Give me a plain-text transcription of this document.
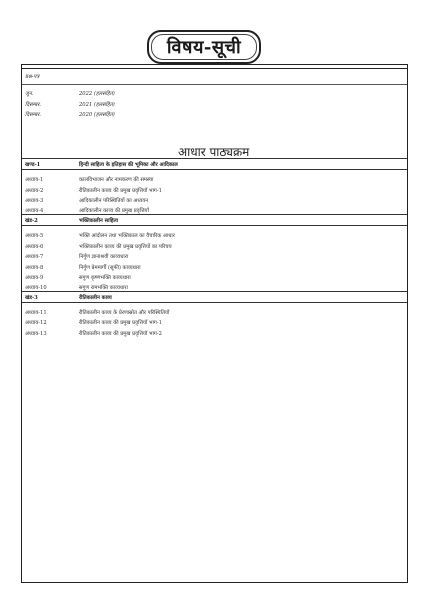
विषय-सूची
प्रश्न-पत्र
जून.	2022 (हलसहित)
दिसम्बर.	2021 (हलसहित)
दिसम्बर.	2020 (हलसहित)
आधार पाठ्यक्रम
खण्ड-1	हिन्दी साहित्य के इतिहास की भूमिका और आदिकाल
अध्याय-1	कालविभाजन और नामकरण की समस्या
अध्याय-2	रीतिकालीन काव्य की प्रमुख प्रवृत्तियाँ भाग-1
अध्याय-3	आदिकालीन परिस्थितियों का अध्ययन
अध्याय-4	आदिकालीन काव्य की प्रमुख प्रवृत्तियाँ
खंड-2	भक्तिकालीन साहित्य
अध्याय-5	भक्ति आंदोलन तथा भक्तिकाल का वैचारिक आधार
अध्याय-6	भक्तिकालीन काव्य की प्रमुख प्रवृत्तियों का परिचय
अध्याय-7	निर्गुण ज्ञानाश्रयी काव्यधारा
अध्याय-8	निर्गुण प्रेममार्गी (सूफी) काव्यधारा
अध्याय-9	सगुण कृष्णभक्ति काव्यधारा
अध्याय-10	सगुण रामभक्ति काव्यधारा
खंड-3	रीतिकालीन काव्य
अध्याय-11	रीतिकालीन काव्य के प्रेरणास्रोत और परिस्थितियाँ
अध्याय-12	रीतिकालीन काव्य की प्रमुख प्रवृत्तियाँ भाग-1
अध्याय-13	रीतिकालीन काव्य की प्रमुख प्रवृत्तियाँ भाग-2
